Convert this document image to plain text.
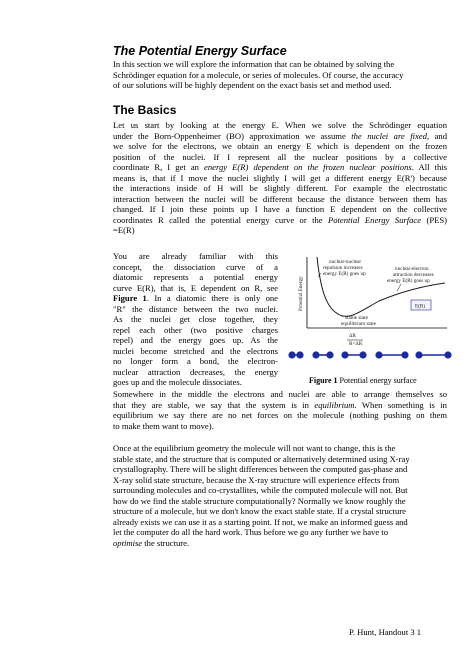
The Potential Energy Surface

In this section we will explore the information that can be obtained by solving the

Schrödinger equation for a molecule, or series of molecules. Of course, the accuracy

of our solutions will be highly dependent on the exact basis set and method used.

The Basics

Let us start by looking at the energy E. When we solve the Schrödinger equation

under the Born-Oppenheimer (BO) approximation we assume the nuclei are fixed, and

we solve for the electrons, we obtain an energy E which is dependent on the frozen

position of the nuclei. If I represent all the nuclear positions by a collective

coordinate R, I get an energy E(R) dependent on the frozen nuclear positions. All this

means is, that if I move the nuclei slightly I will get a different energy E(R') because

the interactions inside of H will be slightly different. For example the electrostatic

interaction between the nuclei will be different because the distance between them has

changed. If I join these points up I have a function E dependent on the collective

coordinates R called the potential energy curve or the Potential Energy Surface (PES)

=E(R)

You are already familiar with this

concept, the dissociation curve of a

diatomic represents a potential energy

curve E(R), that is, E dependent on R, see

Figure 1. In a diatomic there is only one

"R" the distance between the two nuclei.

As the nuclei get close together, they

repel each other (two positive charges

repel) and the energy goes up. As the

nuclei become stretched and the electrons

no longer form a bond, the electron-

nuclear attraction decreases, the energy

goes up and the molecule dissociates.

Potential Energy
nuclear-nuclear
repulsion increases
energy E(R) goes up
nuclear-electron
attraction decreases
energy E(R) goes up
stable state
equilibrium state
E(R)
ΔR
R=ΔR
Figure 1 Potential energy surface

Somewhere in the middle the electrons and nuclei are able to arrange themselves so

that they are stable, we say that the system is in equilibrium. When something is in

equilibrium we say there are no net forces on the molecule (nothing pushing on them

to make them want to move).

Once at the equilibrium geometry the molecule will not want to change, this is the

stable state, and the structure that is computed or alternatively determined using X-ray

crystallography. There will be slight differences between the computed gas-phase and

X-ray solid state structure, because the X-ray structure will experience effects from

surrounding molecules and co-crystallites, while the computed molecule will not. But

how do we find the stable structure computationally? Normally we know roughly the

structure of a molecule, but we don't know the exact stable state. If a crystal structure

already exists we can use it as a starting point. If not, we make an informed guess and

let the computer do all the hard work. Thus before we go any further we have to

optimise the structure.

P. Hunt, Handout 3 1
